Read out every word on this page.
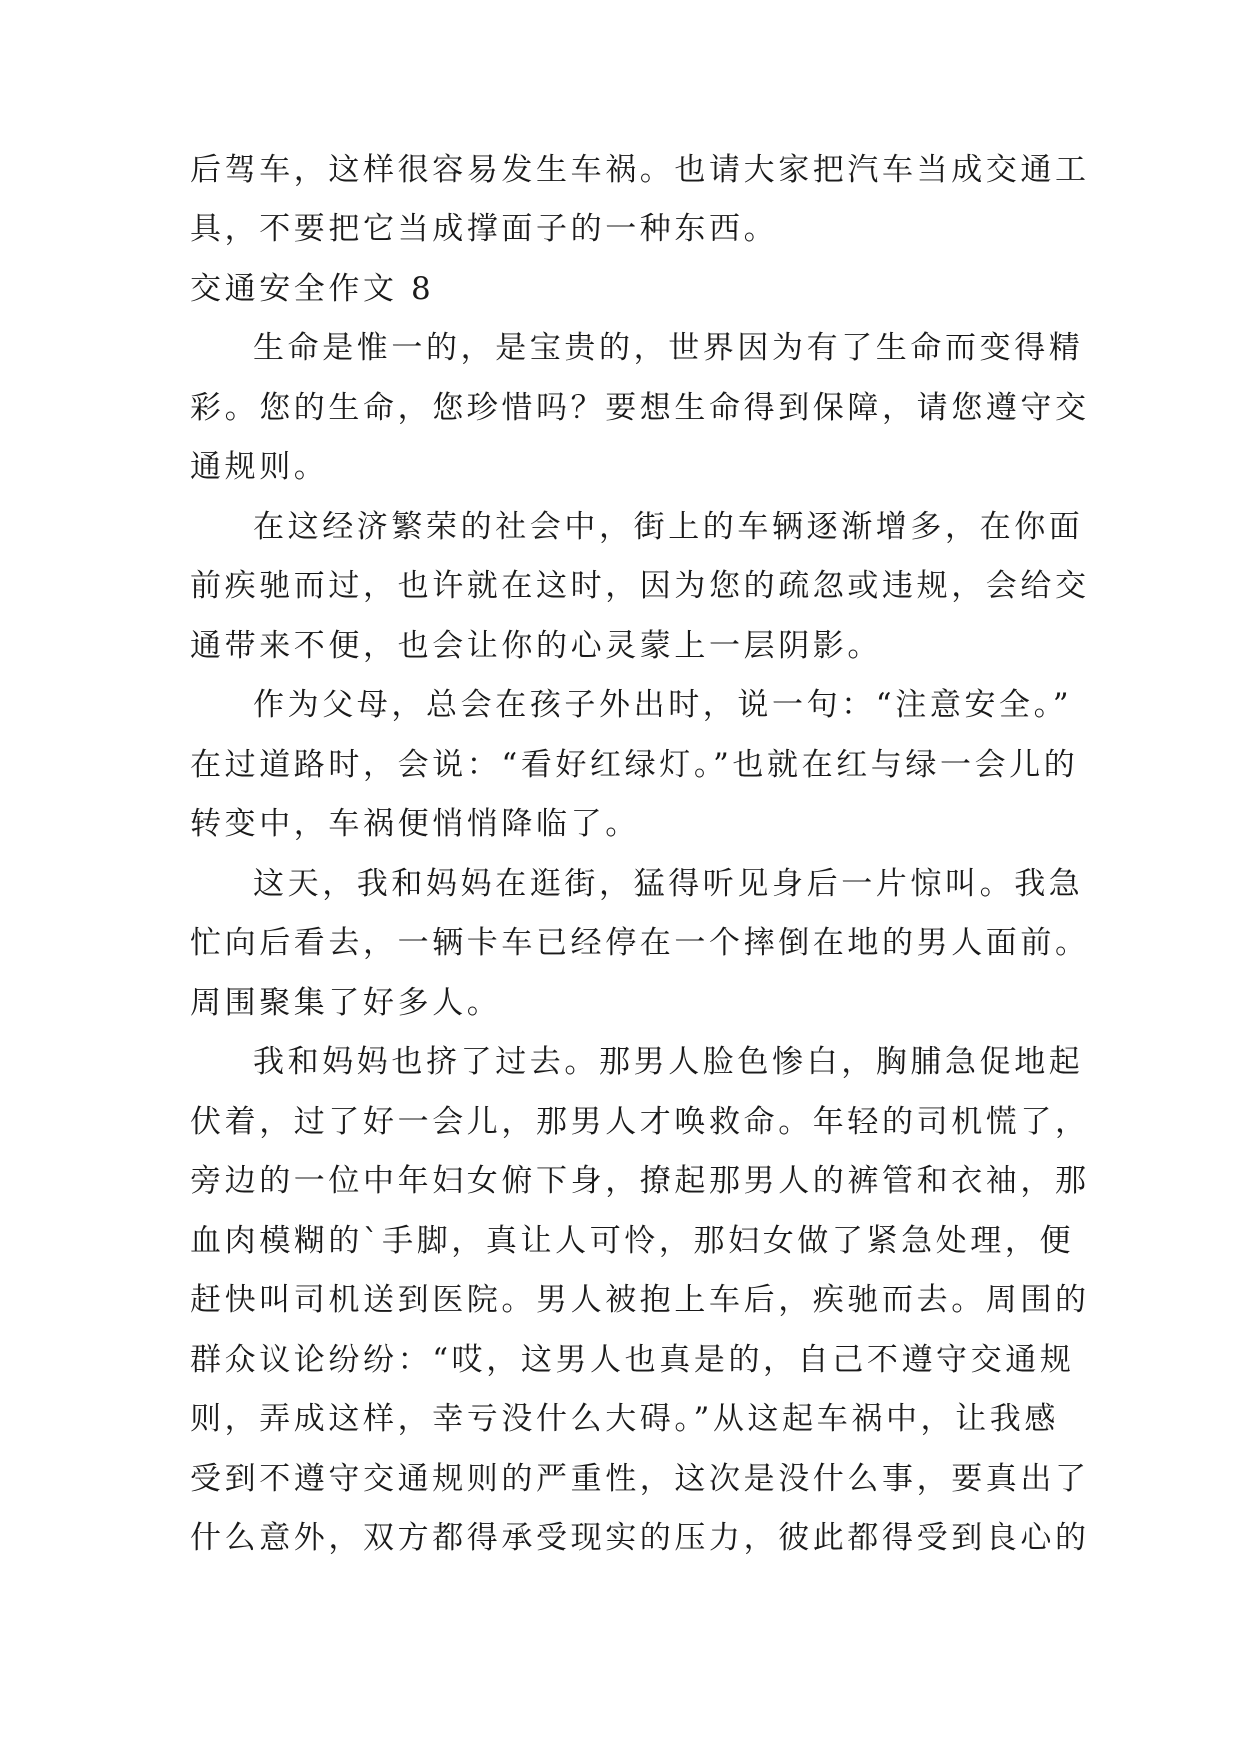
后驾车，这样很容易发生车祸。也请大家把汽车当成交通工
具，不要把它当成撑面子的一种东西。
交通安全作文 8
生命是惟一的，是宝贵的，世界因为有了生命而变得精
彩。您的生命，您珍惜吗？要想生命得到保障，请您遵守交
通规则。
在这经济繁荣的社会中，街上的车辆逐渐增多，在你面
前疾驰而过，也许就在这时，因为您的疏忽或违规，会给交
通带来不便，也会让你的心灵蒙上一层阴影。
作为父母，总会在孩子外出时，说一句：“注意安全。”
在过道路时，会说：“看好红绿灯。”也就在红与绿一会儿的
转变中，车祸便悄悄降临了。
这天，我和妈妈在逛街，猛得听见身后一片惊叫。我急
忙向后看去，一辆卡车已经停在一个摔倒在地的男人面前。
周围聚集了好多人。
我和妈妈也挤了过去。那男人脸色惨白，胸脯急促地起
伏着，过了好一会儿，那男人才唤救命。年轻的司机慌了，
旁边的一位中年妇女俯下身，撩起那男人的裤管和衣袖，那
血肉模糊的`手脚，真让人可怜，那妇女做了紧急处理，便
赶快叫司机送到医院。男人被抱上车后，疾驰而去。周围的
群众议论纷纷：“哎，这男人也真是的，自己不遵守交通规
则，弄成这样，幸亏没什么大碍。”从这起车祸中，让我感
受到不遵守交通规则的严重性，这次是没什么事，要真出了
什么意外，双方都得承受现实的压力，彼此都得受到良心的
